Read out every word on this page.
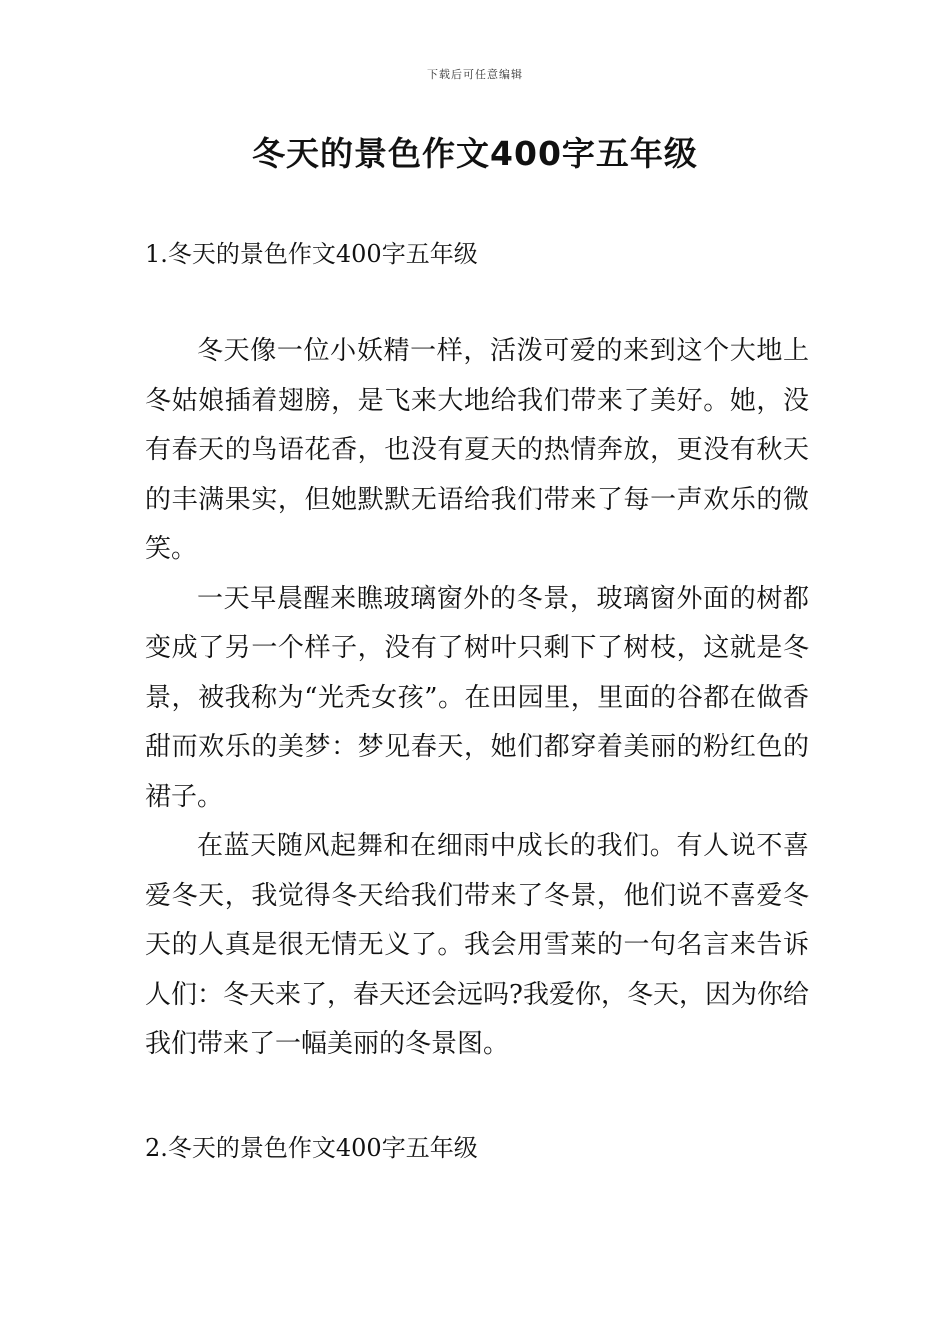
下载后可任意编辑
冬天的景色作文400字五年级
1.冬天的景色作文400字五年级

冬天像一位小妖精一样，活泼可爱的来到这个大地上冬姑娘插着翅膀，是飞来大地给我们带来了美好。她，没有春天的鸟语花香，也没有夏天的热情奔放，更没有秋天的丰满果实，但她默默无语给我们带来了每一声欢乐的微笑。

一天早晨醒来瞧玻璃窗外的冬景，玻璃窗外面的树都变成了另一个样子，没有了树叶只剩下了树枝，这就是冬景，被我称为“光秃女孩”。在田园里，里面的谷都在做香甜而欢乐的美梦：梦见春天，她们都穿着美丽的粉红色的裙子。

在蓝天随风起舞和在细雨中成长的我们。有人说不喜爱冬天，我觉得冬天给我们带来了冬景，他们说不喜爱冬天的人真是很无情无义了。我会用雪莱的一句名言来告诉人们：冬天来了，春天还会远吗?我爱你，冬天，因为你给我们带来了一幅美丽的冬景图。

2.冬天的景色作文400字五年级
